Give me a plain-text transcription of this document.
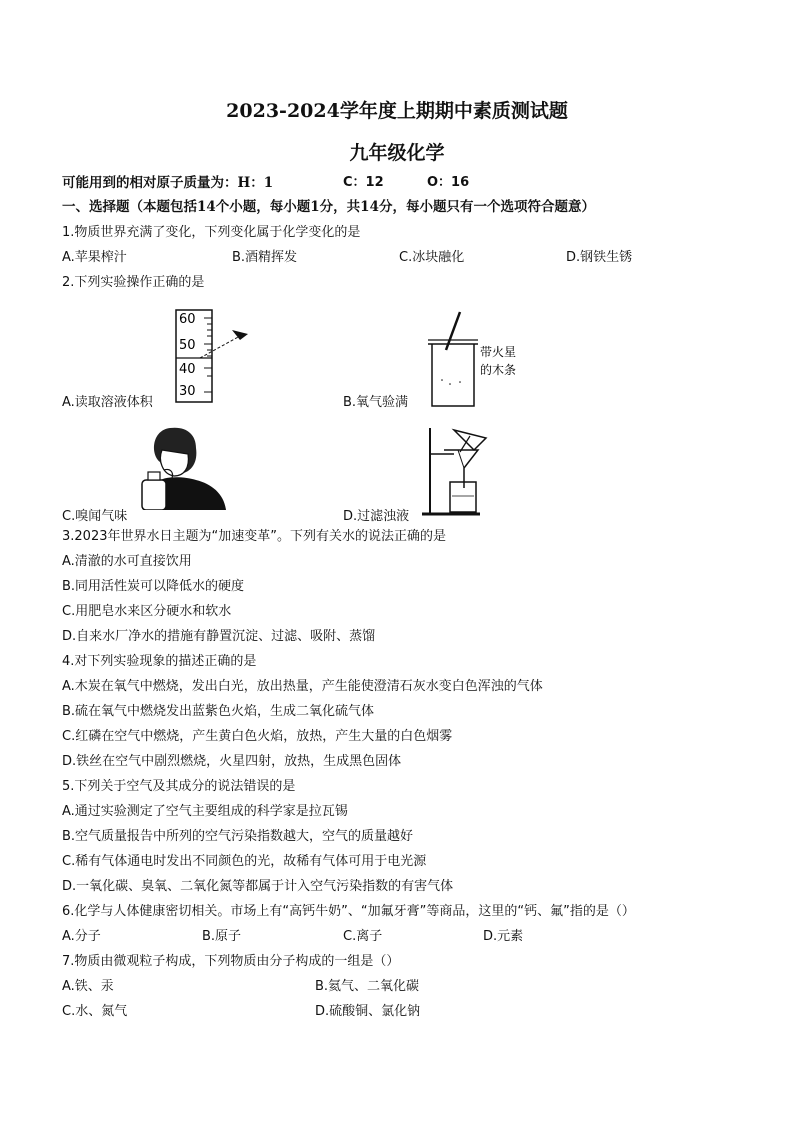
2023-2024学年度上期期中素质测试题
九年级化学
可能用到的相对原子质量为：H：1	C：12	O：16
一、选择题（本题包括14个小题，每小题1分，共14分，每小题只有一个选项符合题意）
1.物质世界充满了变化，下列变化属于化学变化的是
A.苹果榨汁	B.酒精挥发	C.冰块融化	D.钢铁生锈
2.下列实验操作正确的是
60
50
40
30
A.读取溶液体积
带火星
的木条
B.氧气验满
C.嗅闻气味	D.过滤浊液
3.2023年世界水日主题为“加速变革”。下列有关水的说法正确的是
A.清澈的水可直接饮用
B.同用活性炭可以降低水的硬度
C.用肥皂水来区分硬水和软水
D.自来水厂净水的措施有静置沉淀、过滤、吸附、蒸馏
4.对下列实验现象的描述正确的是
A.木炭在氧气中燃烧，发出白光，放出热量，产生能使澄清石灰水变白色浑浊的气体
B.硫在氧气中燃烧发出蓝紫色火焰，生成二氧化硫气体
C.红磷在空气中燃烧，产生黄白色火焰，放热，产生大量的白色烟雾
D.铁丝在空气中剧烈燃烧，火星四射，放热，生成黑色固体
5.下列关于空气及其成分的说法错误的是
A.通过实验测定了空气主要组成的科学家是拉瓦锡
B.空气质量报告中所列的空气污染指数越大，空气的质量越好
C.稀有气体通电时发出不同颜色的光，故稀有气体可用于电光源
D.一氧化碳、臭氧、二氧化氮等都属于计入空气污染指数的有害气体
6.化学与人体健康密切相关。市场上有“高钙牛奶”、“加氟牙膏”等商品，这里的“钙、氟”指的是（）
A.分子	B.原子	C.离子	D.元素
7.物质由微观粒子构成，下列物质由分子构成的一组是（）
A.铁、汞	B.氦气、二氧化碳
C.水、氮气	D.硫酸铜、氯化钠
